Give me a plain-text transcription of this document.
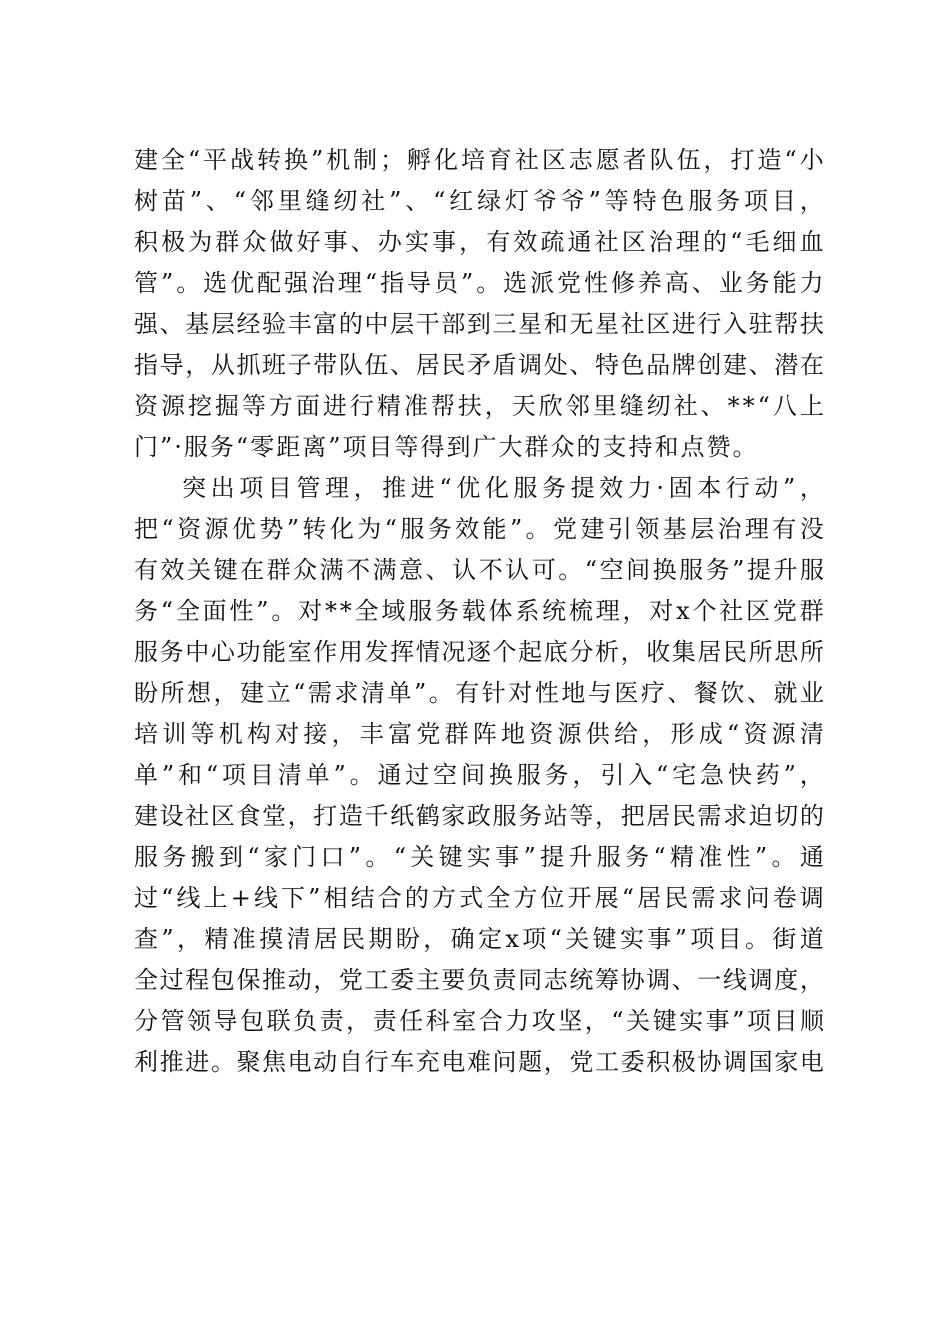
建 全 “ 平 战 转 换 ” 机 制 ； 孵 化 培 育 社 区 志 愿 者 队 伍 ， 打 造 “ 小
树 苗 ” 、 “ 邻 里 缝 纫 社 ” 、 “ 红 绿 灯 爷 爷 ” 等 特 色 服 务 项 目 ，
积 极 为 群 众 做 好 事 、 办 实 事 ， 有 效 疏 通 社 区 治 理 的 “ 毛 细 血
管 ” 。 选 优 配 强 治 理 “ 指 导 员 ” 。 选 派 党 性 修 养 高 、 业 务 能 力
强 、 基 层 经 验 丰 富 的 中 层 干 部 到 三 星 和 无 星 社 区 进 行 入 驻 帮 扶
指 导 ， 从 抓 班 子 带 队 伍 、 居 民 矛 盾 调 处 、 特 色 品 牌 创 建 、 潜 在
资 源 挖 掘 等 方 面 进 行 精 准 帮 扶 ， 天 欣 邻 里 缝 纫 社 、 * * “ 八 上
门 ” · 服 务 “ 零 距 离 ” 项 目 等 得 到 广 大 群 众 的 支 持 和 点 赞 。
突 出 项 目 管 理 ， 推 进 “ 优 化 服 务 提 效 力 · 固 本 行 动 ” ，
把 “ 资 源 优 势 ” 转 化 为 “ 服 务 效 能 ” 。 党 建 引 领 基 层 治 理 有 没
有 效 关 键 在 群 众 满 不 满 意 、 认 不 认 可 。 “ 空 间 换 服 务 ” 提 升 服
务 “ 全 面 性 ” 。 对 * * 全 域 服 务 载 体 系 统 梳 理 ， 对 x 个 社 区 党 群
服 务 中 心 功 能 室 作 用 发 挥 情 况 逐 个 起 底 分 析 ， 收 集 居 民 所 思 所
盼 所 想 ， 建 立 “ 需 求 清 单 ” 。 有 针 对 性 地 与 医 疗 、 餐 饮 、 就 业
培 训 等 机 构 对 接 ， 丰 富 党 群 阵 地 资 源 供 给 ， 形 成 “ 资 源 清
单 ” 和 “ 项 目 清 单 ” 。 通 过 空 间 换 服 务 ， 引 入 “ 宅 急 快 药 ” ，
建 设 社 区 食 堂 ， 打 造 千 纸 鹤 家 政 服 务 站 等 ， 把 居 民 需 求 迫 切 的
服 务 搬 到 “ 家 门 口 ” 。 “ 关 键 实 事 ” 提 升 服 务 “ 精 准 性 ” 。 通
过 “ 线 上 + 线 下 ” 相 结 合 的 方 式 全 方 位 开 展 “ 居 民 需 求 问 卷 调
查 ” ， 精 准 摸 清 居 民 期 盼 ， 确 定 x 项 “ 关 键 实 事 ” 项 目 。 街 道
全 过 程 包 保 推 动 ， 党 工 委 主 要 负 责 同 志 统 筹 协 调 、 一 线 调 度 ，
分 管 领 导 包 联 负 责 ， 责 任 科 室 合 力 攻 坚 ， “ 关 键 实 事 ” 项 目 顺
利 推 进 。 聚 焦 电 动 自 行 车 充 电 难 问 题 ， 党 工 委 积 极 协 调 国 家 电
